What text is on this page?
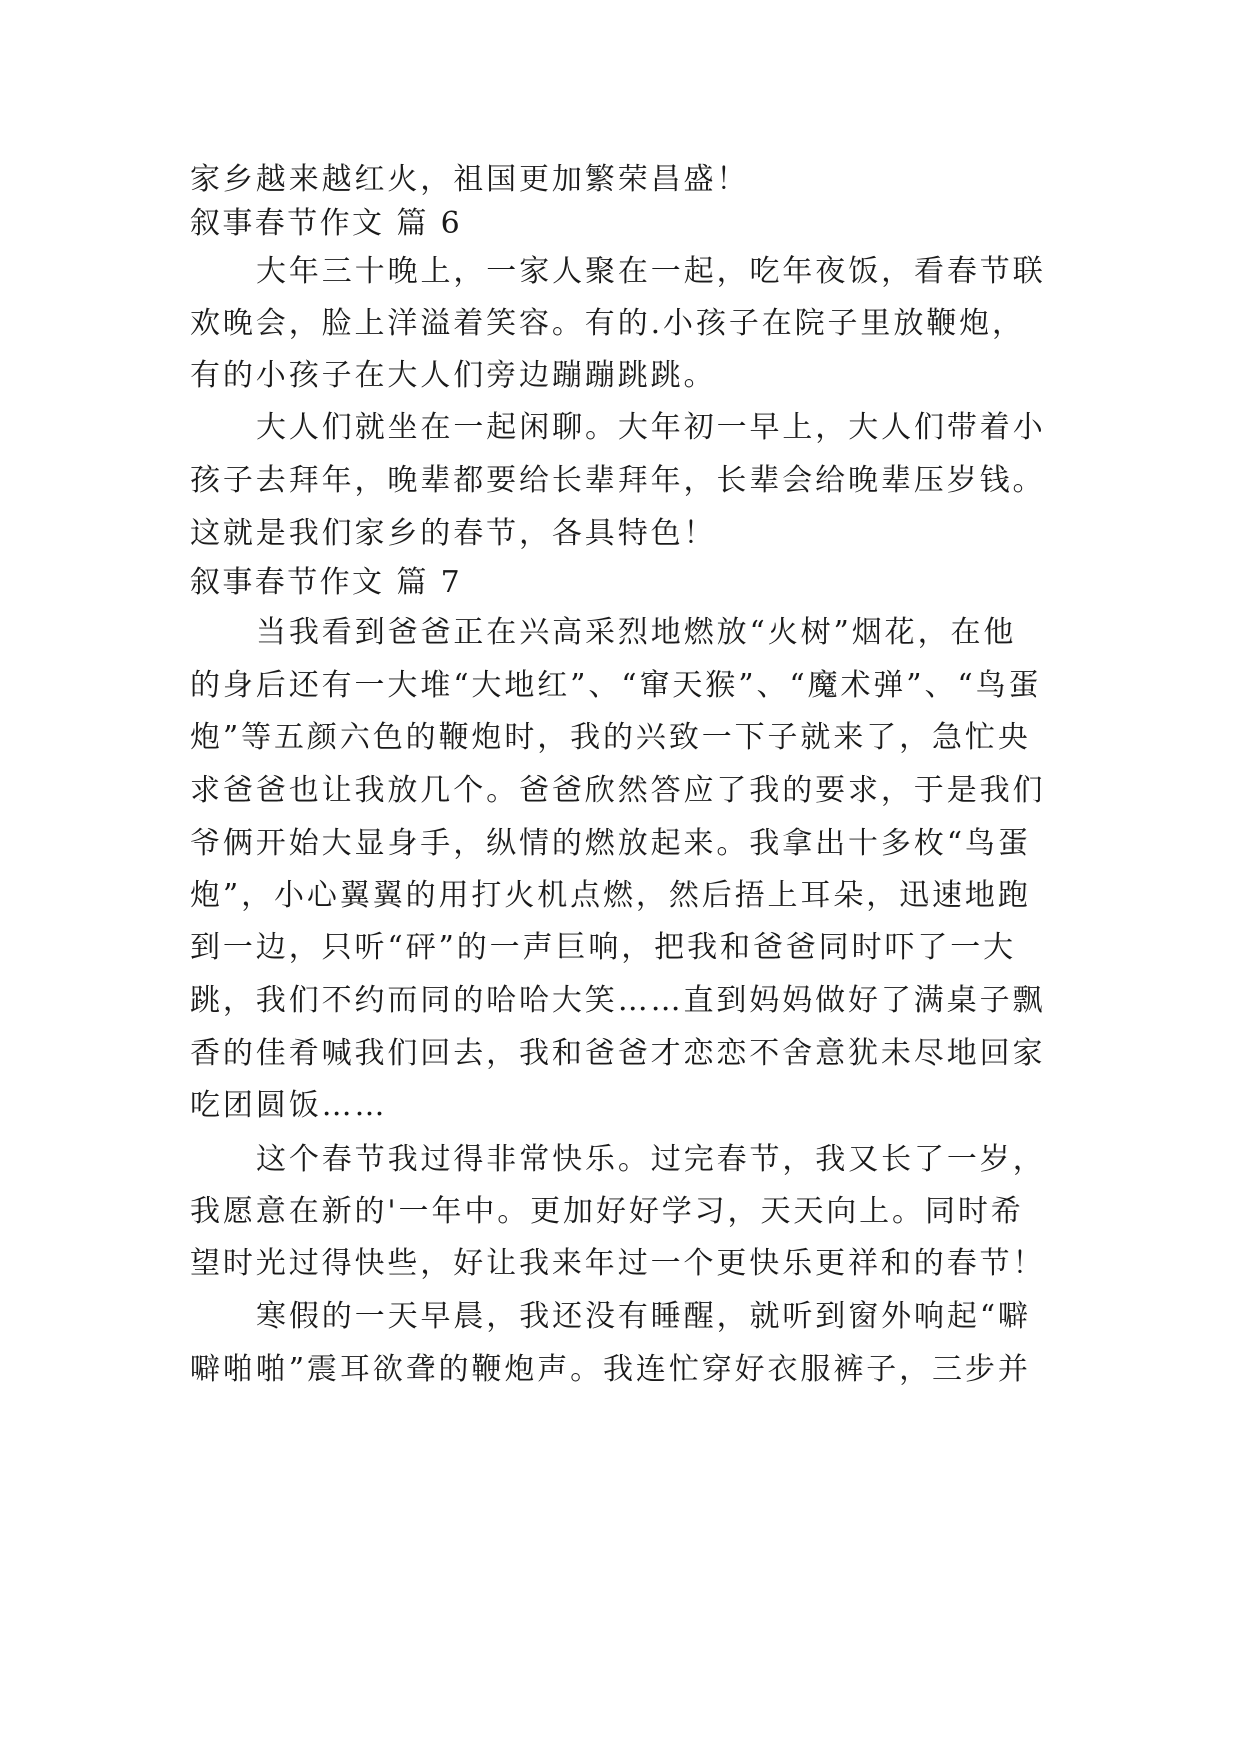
家乡越来越红火，祖国更加繁荣昌盛！
叙事春节作文 篇 6
大年三十晚上，一家人聚在一起，吃年夜饭，看春节联
欢晚会，脸上洋溢着笑容。有的.小孩子在院子里放鞭炮，
有的小孩子在大人们旁边蹦蹦跳跳。
大人们就坐在一起闲聊。大年初一早上，大人们带着小
孩子去拜年，晚辈都要给长辈拜年，长辈会给晚辈压岁钱。
这就是我们家乡的春节，各具特色！
叙事春节作文 篇 7
当我看到爸爸正在兴高采烈地燃放“火树”烟花，在他
的身后还有一大堆“大地红”、“窜天猴”、“魔术弹”、“鸟蛋
炮”等五颜六色的鞭炮时，我的兴致一下子就来了，急忙央
求爸爸也让我放几个。爸爸欣然答应了我的要求，于是我们
爷俩开始大显身手，纵情的燃放起来。我拿出十多枚“鸟蛋
炮”，小心翼翼的用打火机点燃，然后捂上耳朵，迅速地跑
到一边，只听“砰”的一声巨响，把我和爸爸同时吓了一大
跳，我们不约而同的哈哈大笑……直到妈妈做好了满桌子飘
香的佳肴喊我们回去，我和爸爸才恋恋不舍意犹未尽地回家
吃团圆饭……
这个春节我过得非常快乐。过完春节，我又长了一岁，
我愿意在新的'一年中。更加好好学习，天天向上。同时希
望时光过得快些，好让我来年过一个更快乐更祥和的春节！
寒假的一天早晨，我还没有睡醒，就听到窗外响起“噼
噼啪啪”震耳欲聋的鞭炮声。我连忙穿好衣服裤子，三步并
